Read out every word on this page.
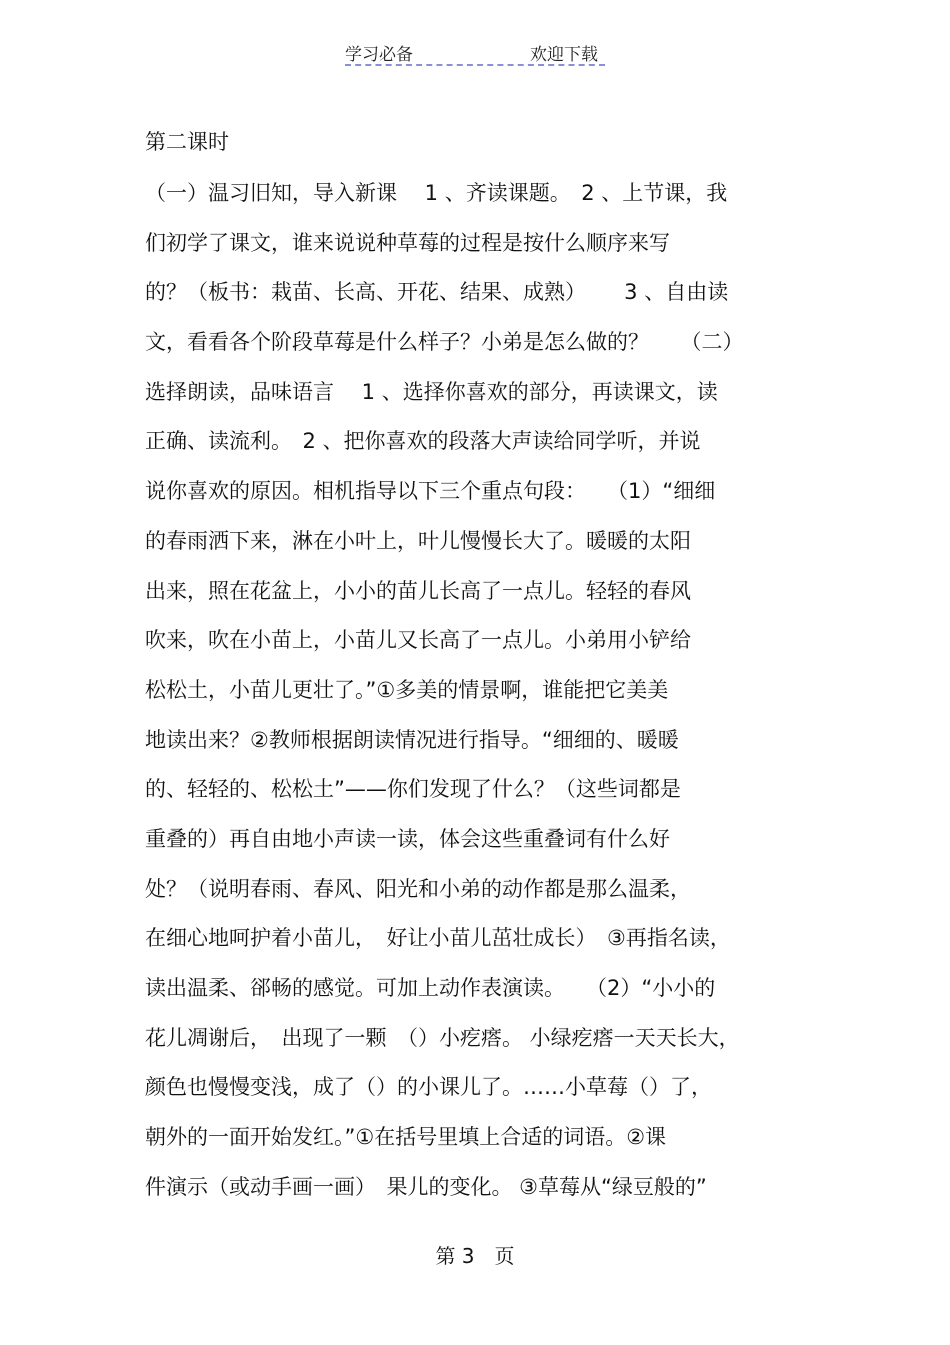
学习必备	欢迎下载
第二课时
（一）温习旧知，导入新课　 1 、齐读课题。　2 、上节课，我
们初学了课文，谁来说说种草莓的过程是按什么顺序来写
的？（板书：栽苗、长高、开花、结果、成熟）　　 3 、自由读
文，看看各个阶段草莓是什么样子？小弟是怎么做的？　　（二）
选择朗读，品味语言　 1 、选择你喜欢的部分，再读课文，读
正确、读流利。　2 、把你喜欢的段落大声读给同学听，并说
说你喜欢的原因。相机指导以下三个重点句段：　　（1）“细细
的春雨洒下来，淋在小叶上，叶儿慢慢长大了。暖暖的太阳
出来，照在花盆上，小小的苗儿长高了一点儿。轻轻的春风
吹来，吹在小苗上，小苗儿又长高了一点儿。小弟用小铲给
松松土，小苗儿更壮了。”①多美的情景啊，谁能把它美美
地读出来？②教师根据朗读情况进行指导。“细细的、暖暖
的、轻轻的、松松土”——你们发现了什么？（这些词都是
重叠的）再自由地小声读一读，体会这些重叠词有什么好
处？（说明春雨、春风、阳光和小弟的动作都是那么温柔，
在细心地呵护着小苗儿，　好让小苗儿茁壮成长）　③再指名读，
读出温柔、郤畅的感觉。可加上动作表演读。　　（2）“小小的
花儿凋谢后，　出现了一颗　（）小疙瘩。 小绿疙瘩一天天长大，
颜色也慢慢变浅，成了（）的小课儿了。……小草莓（）了，
朝外的一面开始发红。”①在括号里填上合适的词语。②课
件演示（或动手画一画）　果儿的变化。 ③草莓从“绿豆般的”
第 3　页
